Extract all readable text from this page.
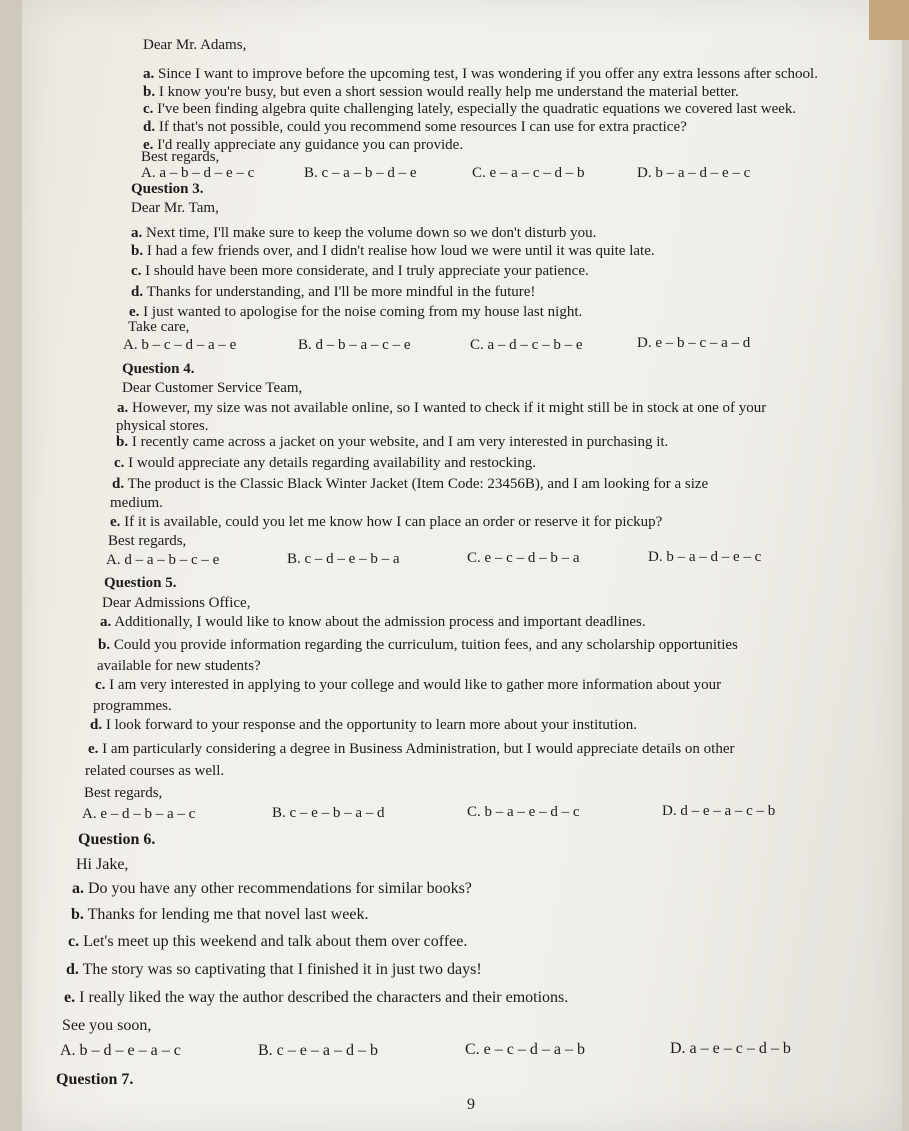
Dear Mr. Adams,
a. Since I want to improve before the upcoming test, I was wondering if you offer any extra lessons after school.
b. I know you're busy, but even a short session would really help me understand the material better.
c. I've been finding algebra quite challenging lately, especially the quadratic equations we covered last week.
d. If that's not possible, could you recommend some resources I can use for extra practice?
e. I'd really appreciate any guidance you can provide.
Best regards,
A. a – b – d – e – c	B. c – a – b – d – e	C. e – a – c – d – b	D. b – a – d – e – c
Question 3.
Dear Mr. Tam,
a. Next time, I'll make sure to keep the volume down so we don't disturb you.
b. I had a few friends over, and I didn't realise how loud we were until it was quite late.
c. I should have been more considerate, and I truly appreciate your patience.
d. Thanks for understanding, and I'll be more mindful in the future!
e. I just wanted to apologise for the noise coming from my house last night.
Take care,
A. b – c – d – a – e	B. d – b – a – c – e	C. a – d – c – b – e	D. e – b – c – a – d
Question 4.
Dear Customer Service Team,
a. However, my size was not available online, so I wanted to check if it might still be in stock at one of your
physical stores.
b. I recently came across a jacket on your website, and I am very interested in purchasing it.
c. I would appreciate any details regarding availability and restocking.
d. The product is the Classic Black Winter Jacket (Item Code: 23456B), and I am looking for a size
medium.
e. If it is available, could you let me know how I can place an order or reserve it for pickup?
Best regards,
A. d – a – b – c – e	B. c – d – e – b – a	C. e – c – d – b – a	D. b – a – d – e – c
Question 5.
Dear Admissions Office,
a. Additionally, I would like to know about the admission process and important deadlines.
b. Could you provide information regarding the curriculum, tuition fees, and any scholarship opportunities
available for new students?
c. I am very interested in applying to your college and would like to gather more information about your
programmes.
d. I look forward to your response and the opportunity to learn more about your institution.
e. I am particularly considering a degree in Business Administration, but I would appreciate details on other
related courses as well.
Best regards,
A. e – d – b – a – c	B. c – e – b – a – d	C. b – a – e – d – c	D. d – e – a – c – b
Question 6.
Hi Jake,
a. Do you have any other recommendations for similar books?
b. Thanks for lending me that novel last week.
c. Let's meet up this weekend and talk about them over coffee.
d. The story was so captivating that I finished it in just two days!
e. I really liked the way the author described the characters and their emotions.
See you soon,
A. b – d – e – a – c	B. c – e – a – d – b	C. e – c – d – a – b	D. a – e – c – d – b
Question 7.
9
